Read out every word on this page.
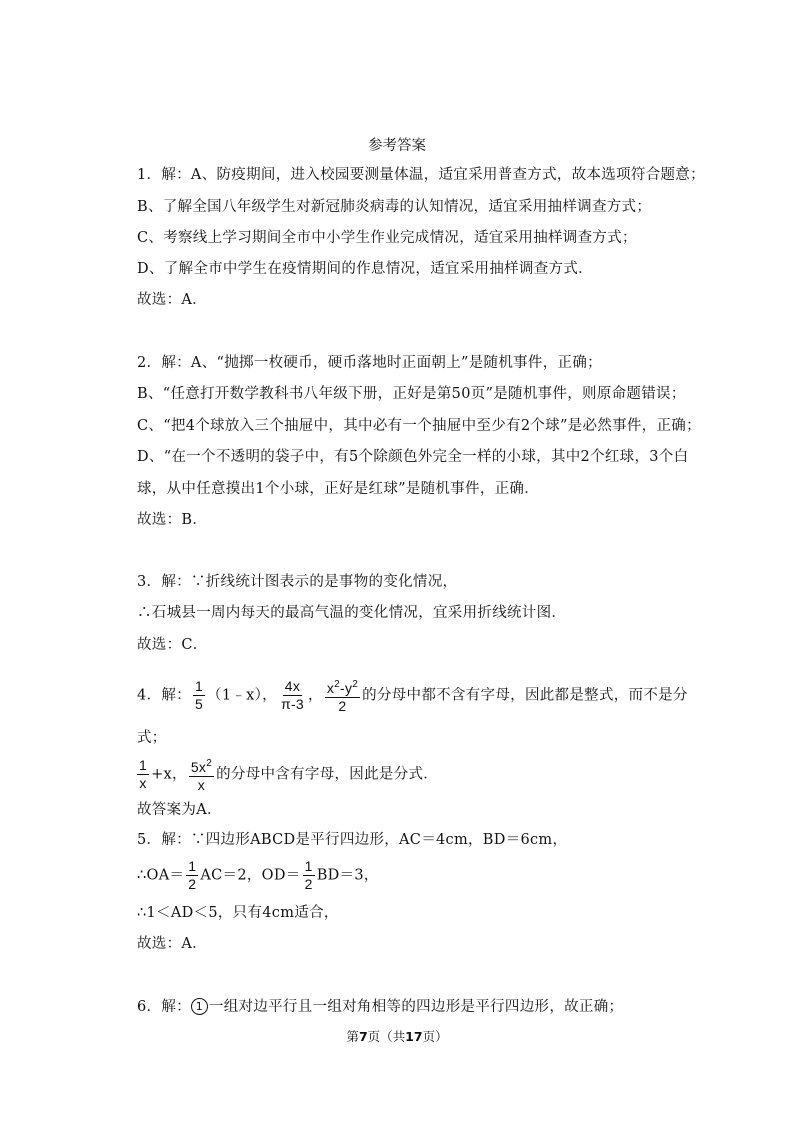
参考答案
1．解：A、防疫期间，进入校园要测量体温，适宜采用普查方式，故本选项符合题意；
B、了解全国八年级学生对新冠肺炎病毒的认知情况，适宜采用抽样调查方式；
C、考察线上学习期间全市中小学生作业完成情况，适宜采用抽样调查方式；
D、了解全市中学生在疫情期间的作息情况，适宜采用抽样调查方式．
故选：A．
2．解：A、“抛掷一枚硬币，硬币落地时正面朝上”是随机事件，正确；
B、“任意打开数学教科书八年级下册，正好是第50页”是随机事件，则原命题错误；
C、“把4个球放入三个抽屉中，其中必有一个抽屉中至少有2个球”是必然事件，正确；
D、“在一个不透明的袋子中，有5个除颜色外完全一样的小球，其中2个红球，3个白
球，从中任意摸出1个小球，正好是红球”是随机事件，正确．
故选：B．
3．解：∵折线统计图表示的是事物的变化情况，
∴石城县一周内每天的最高气温的变化情况，宜采用折线统计图．
故选：C．
4．解： $\frac{1}{5}$ （1﹣x）， $\frac{4x}{\pi-3}$ ， $\frac{x^2-y^2}{2}$ 的分母中都不含有字母，因此都是整式，而不是分
式；
$\frac{1}{x} +x$， $\frac{5x^2}{x}$ 的分母中含有字母，因此是分式．
故答案为A．
5．解：∵四边形ABCD是平行四边形，AC＝4cm，BD＝6cm，
∴OA＝ $\frac{1}{2} AC=2$，$OD= \frac{1}{2} BD=3$，
∴1＜AD＜5，只有4cm适合，
故选：A．
6．解： 1 一组对边平行且一组对角相等的四边形是平行四边形，故正确；
第7页（共17页）
